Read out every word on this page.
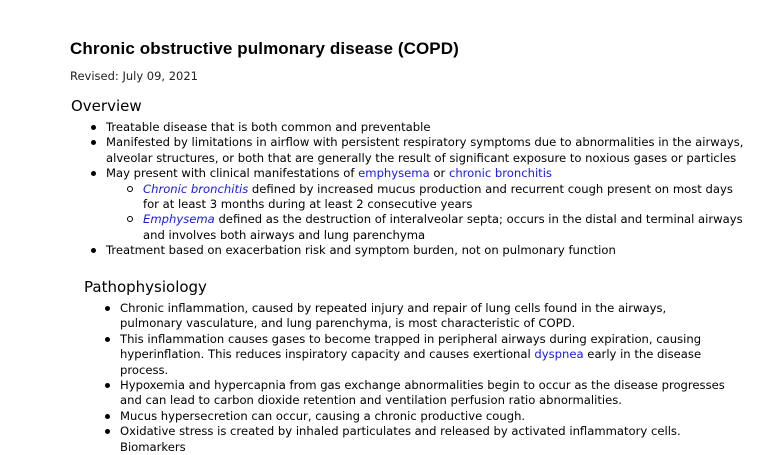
Chronic obstructive pulmonary disease (COPD)
Revised: July 09, 2021
Overview
Treatable disease that is both common and preventable
Manifested by limitations in airflow with persistent respiratory symptoms due to abnormalities in the airways, alveolar structures, or both that are generally the result of significant exposure to noxious gases or particles
May present with clinical manifestations of emphysema or chronic bronchitis
Chronic bronchitis defined by increased mucus production and recurrent cough present on most days for at least 3 months during at least 2 consecutive years
Emphysema defined as the destruction of interalveolar septa; occurs in the distal and terminal airways and involves both airways and lung parenchyma
Treatment based on exacerbation risk and symptom burden, not on pulmonary function
Pathophysiology
Chronic inflammation, caused by repeated injury and repair of lung cells found in the airways, pulmonary vasculature, and lung parenchyma, is most characteristic of COPD.
This inflammation causes gases to become trapped in peripheral airways during expiration, causing hyperinflation. This reduces inspiratory capacity and causes exertional dyspnea early in the disease process.
Hypoxemia and hypercapnia from gas exchange abnormalities begin to occur as the disease progresses and can lead to carbon dioxide retention and ventilation perfusion ratio abnormalities.
Mucus hypersecretion can occur, causing a chronic productive cough.
Oxidative stress is created by inhaled particulates and released by activated inflammatory cells. Biomarkers
